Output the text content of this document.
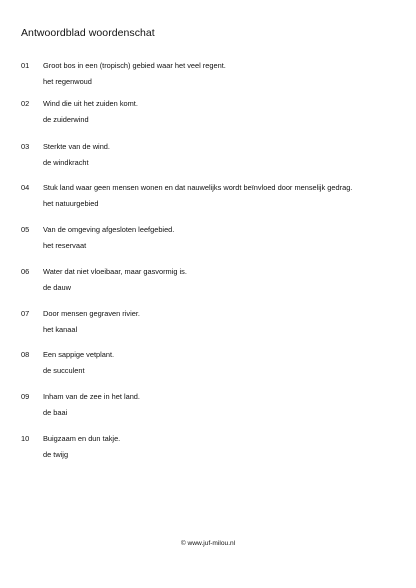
Antwoordblad woordenschat
01 Groot bos in een (tropisch) gebied waar het veel regent.
het regenwoud
02 Wind die uit het zuiden komt.
de zuiderwind
03 Sterkte van de wind.
de windkracht
04 Stuk land waar geen mensen wonen en dat nauwelijks wordt beïnvloed door menselijk gedrag.
het natuurgebied
05 Van de omgeving afgesloten leefgebied.
het reservaat
06 Water dat niet vloeibaar, maar gasvormig is.
de dauw
07 Door mensen gegraven rivier.
het kanaal
08 Een sappige vetplant.
de succulent
09 Inham van de zee in het land.
de baai
10 Buigzaam en dun takje.
de twijg
© www.juf-milou.nl
